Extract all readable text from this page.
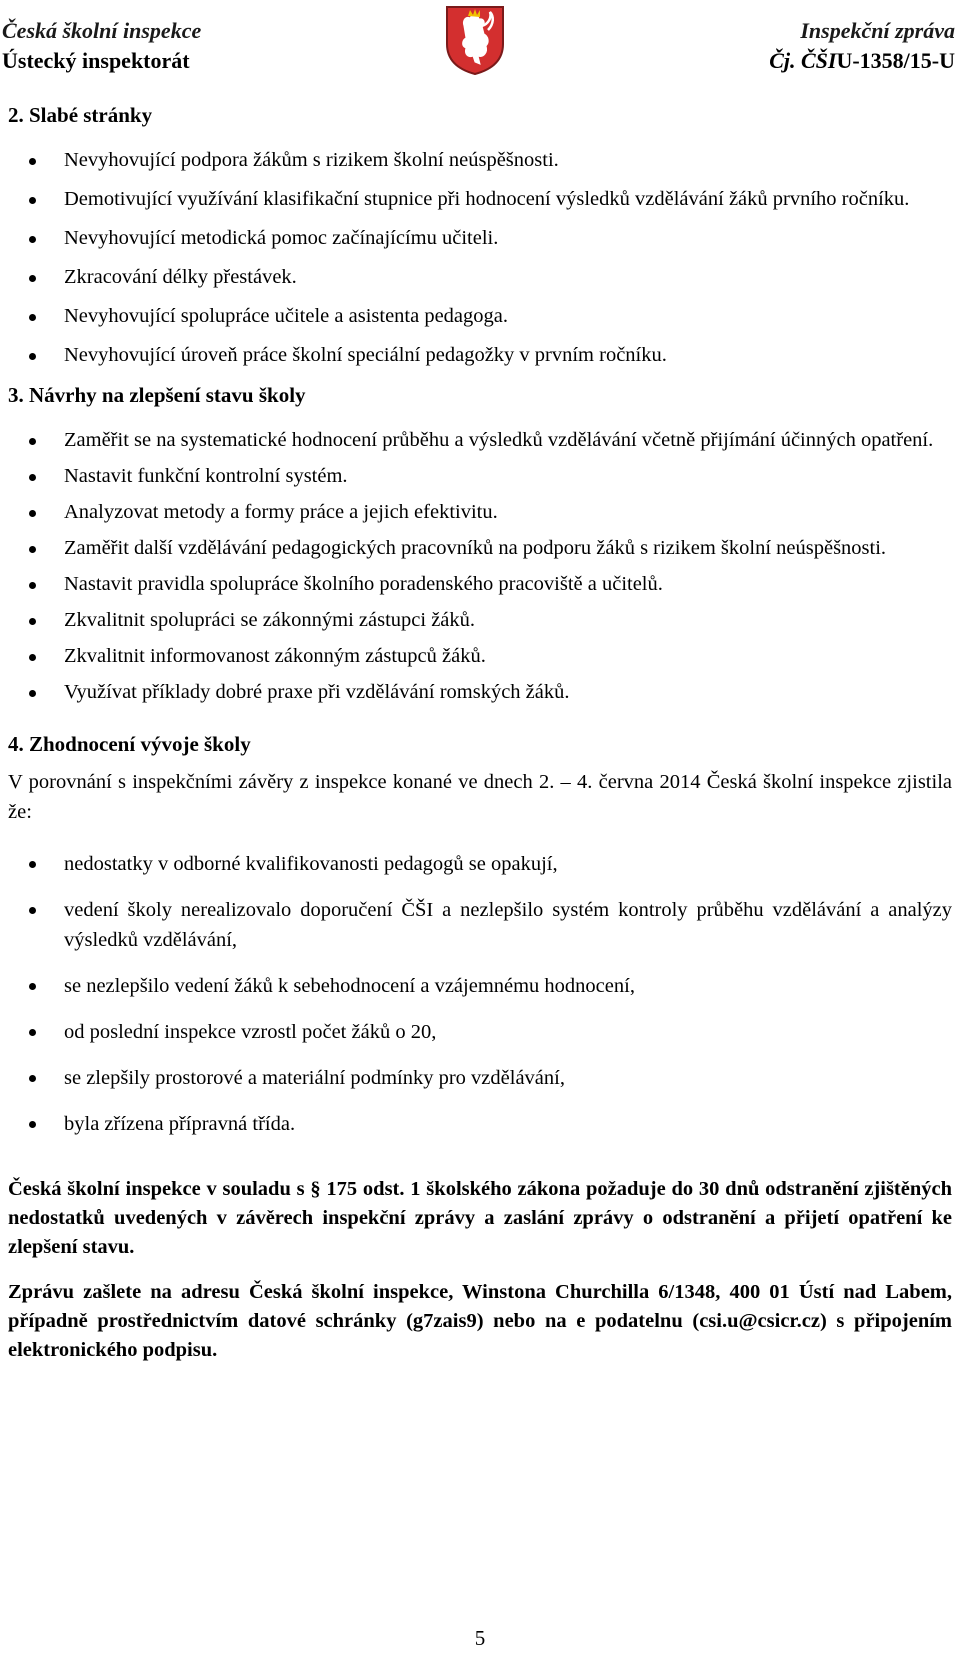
Česká školní inspekce
Ústecký inspektorát
Inspekční zpráva
Čj. ČŠIU-1358/15-U
2. Slabé stránky
Nevyhovující podpora žákům s rizikem školní neúspěšnosti.
Demotivující využívání klasifikační stupnice při hodnocení výsledků vzdělávání žáků prvního ročníku.
Nevyhovující metodická pomoc začínajícímu učiteli.
Zkracování délky přestávek.
Nevyhovující spolupráce učitele a asistenta pedagoga.
Nevyhovující úroveň práce školní speciální pedagožky v prvním ročníku.
3. Návrhy na zlepšení stavu školy
Zaměřit se na systematické hodnocení průběhu a výsledků vzdělávání včetně přijímání účinných opatření.
Nastavit funkční kontrolní systém.
Analyzovat metody a formy práce a jejich efektivitu.
Zaměřit další vzdělávání pedagogických pracovníků na podporu žáků s rizikem školní neúspěšnosti.
Nastavit pravidla spolupráce školního poradenského pracoviště a učitelů.
Zkvalitnit spolupráci se zákonnými zástupci žáků.
Zkvalitnit informovanost zákonným zástupců žáků.
Využívat příklady dobré praxe při vzdělávání romských žáků.
4. Zhodnocení vývoje školy

V porovnání s inspekčními závěry z inspekce konané ve dnech 2. – 4. června 2014 Česká školní inspekce zjistila že:

nedostatky v odborné kvalifikovanosti pedagogů se opakují,
vedení školy nerealizovalo doporučení ČŠI a nezlepšilo systém kontroly průběhu vzdělávání a analýzy výsledků vzdělávání,
se nezlepšilo vedení žáků k sebehodnocení a vzájemnému hodnocení,
od poslední inspekce vzrostl počet žáků o 20,
se zlepšily prostorové a materiální podmínky pro vzdělávání,
byla zřízena přípravná třída.

Česká školní inspekce v souladu s § 175 odst. 1 školského zákona požaduje do 30 dnů odstranění zjištěných nedostatků uvedených v závěrech inspekční zprávy a zaslání zprávy o odstranění a přijetí opatření ke zlepšení stavu.

Zprávu zašlete na adresu Česká školní inspekce, Winstona Churchilla 6/1348, 400 01 Ústí nad Labem, případně prostřednictvím datové schránky (g7zais9) nebo na e podatelnu (csi.u@csicr.cz) s připojením elektronického podpisu.

5
